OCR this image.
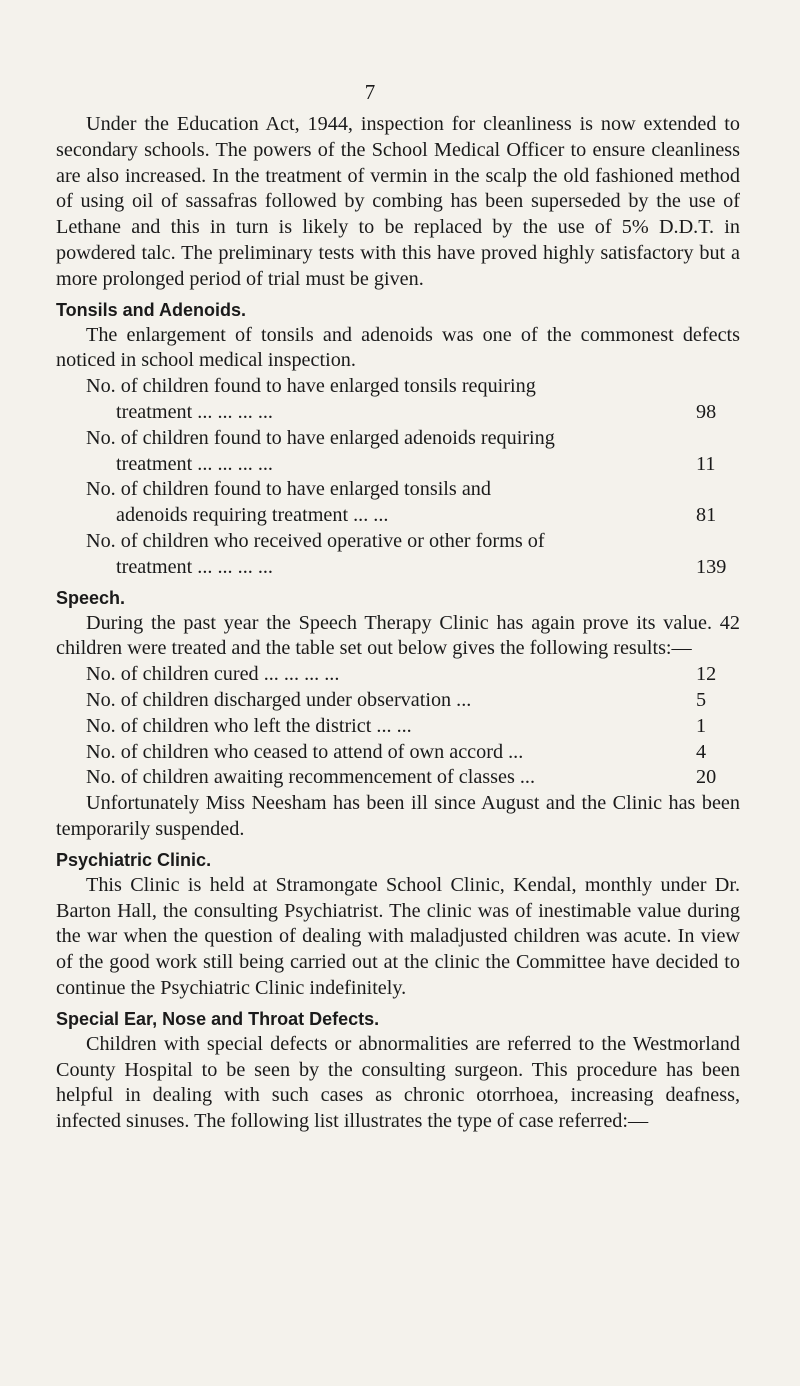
7

Under the Education Act, 1944, inspection for cleanliness is now extended to secondary schools. The powers of the School Medical Officer to ensure cleanliness are also increased. In the treatment of vermin in the scalp the old fashioned method of using oil of sassafras followed by combing has been superseded by the use of Lethane and this in turn is likely to be replaced by the use of 5% D.D.T. in powdered talc. The preliminary tests with this have proved highly satisfactory but a more prolonged period of trial must be given.

Tonsils and Adenoids.

The enlargement of tonsils and adenoids was one of the commonest defects noticed in school medical inspection.

No. of children found to have enlarged tonsils requiring
treatment ... ... ... ...	98
No. of children found to have enlarged adenoids requiring
treatment ... ... ... ...	11
No. of children found to have enlarged tonsils and
adenoids requiring treatment ... ...	81
No. of children who received operative or other forms of
treatment ... ... ... ...	139
Speech.

During the past year the Speech Therapy Clinic has again prove its value. 42 children were treated and the table set out below gives the following results:—

No. of children cured ... ... ... ...	12
No. of children discharged under observation ...	5
No. of children who left the district ... ...	1
No. of children who ceased to attend of own accord ...	4
No. of children awaiting recommencement of classes ...	20

Unfortunately Miss Neesham has been ill since August and the Clinic has been temporarily suspended.

Psychiatric Clinic.

This Clinic is held at Stramongate School Clinic, Kendal, monthly under Dr. Barton Hall, the consulting Psychiatrist. The clinic was of inestimable value during the war when the question of dealing with maladjusted children was acute. In view of the good work still being carried out at the clinic the Committee have decided to continue the Psychiatric Clinic indefinitely.

Special Ear, Nose and Throat Defects.

Children with special defects or abnormalities are referred to the Westmorland County Hospital to be seen by the consulting surgeon. This procedure has been helpful in dealing with such cases as chronic otorrhoea, increasing deafness, infected sinuses. The following list illustrates the type of case referred:—
